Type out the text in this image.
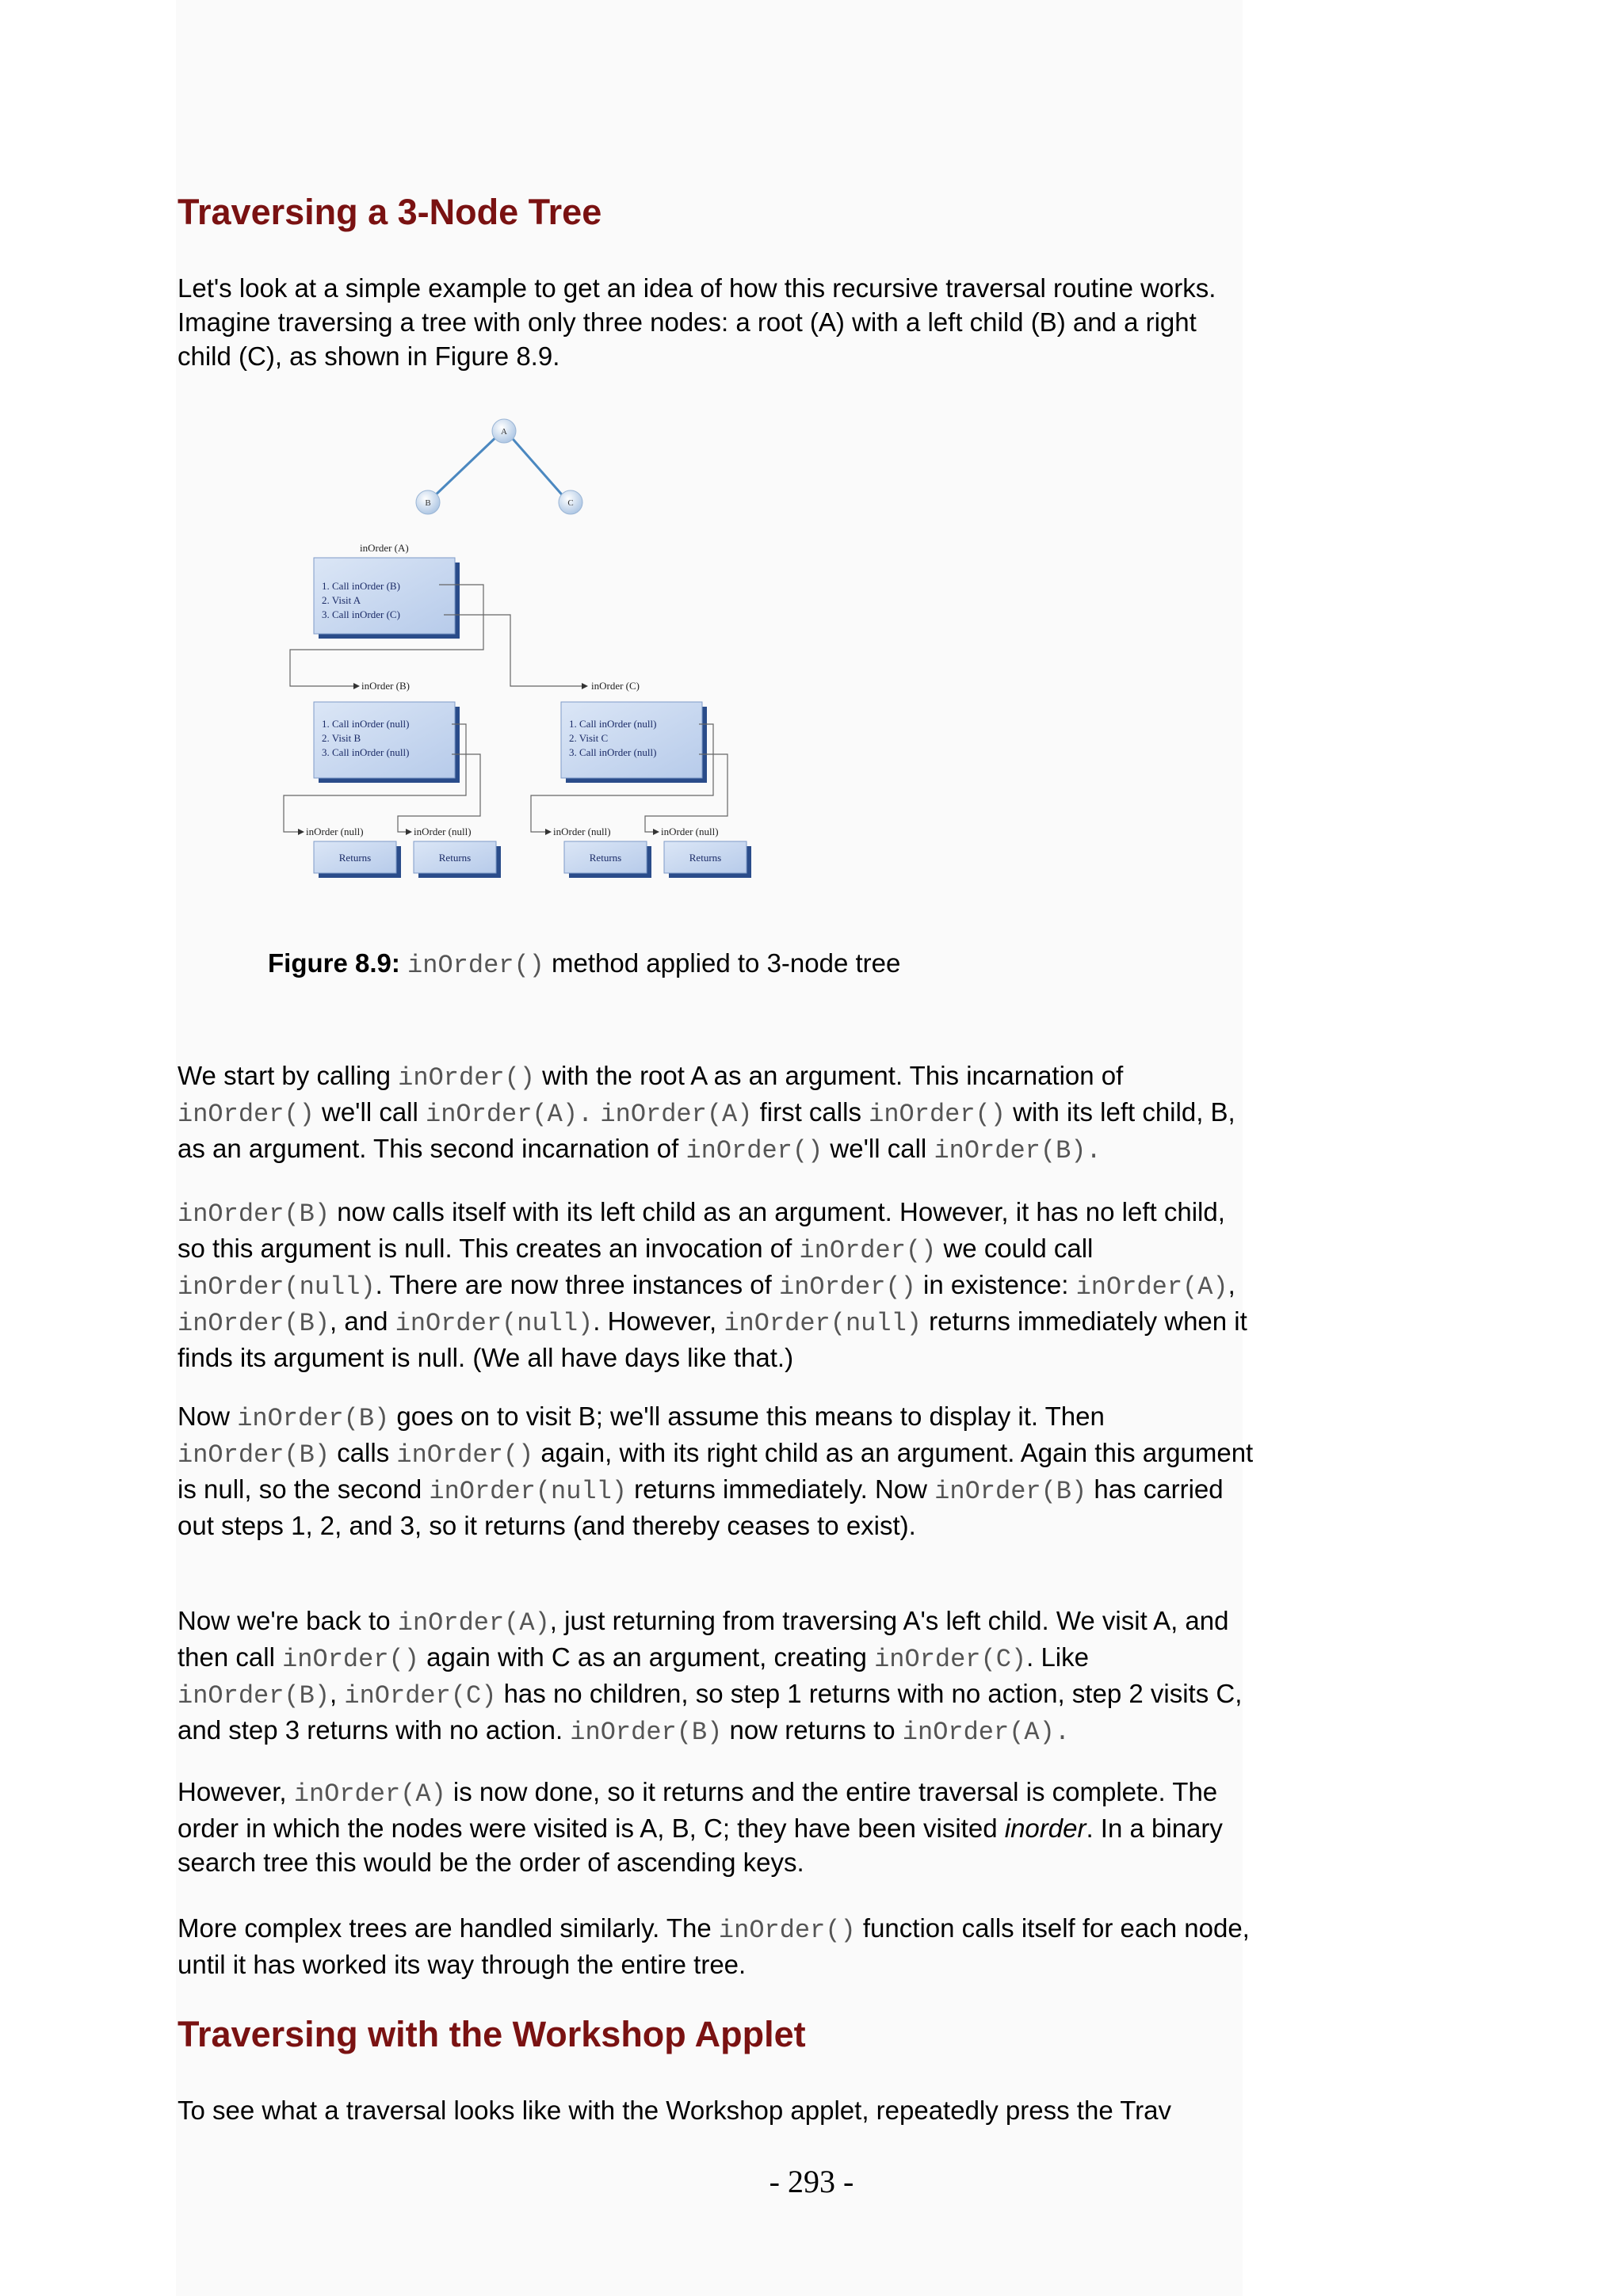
Traversing a 3-Node Tree

Let's look at a simple example to get an idea of how this recursive traversal routine works. Imagine traversing a tree with only three nodes: a root (A) with a left child (B) and a right child (C), as shown in Figure 8.9.

A
B	C
inOrder (A)
1. Call inOrder (B)
2. Visit A
3. Call inOrder (C)
inOrder (B)	inOrder (C)
1. Call inOrder (null)
2. Visit B
3. Call inOrder (null)
1. Call inOrder (null)
2. Visit C
3. Call inOrder (null)
inOrder (null)	inOrder (null)	inOrder (null)	inOrder (null)
Returns	Returns	Returns	Returns
Figure 8.9: inOrder() method applied to 3-node tree

We start by calling inOrder() with the root A as an argument. This incarnation of inOrder() we'll call inOrder(A). inOrder(A) first calls inOrder() with its left child, B, as an argument. This second incarnation of inOrder() we'll call inOrder(B).

inOrder(B) now calls itself with its left child as an argument. However, it has no left child, so this argument is null. This creates an invocation of inOrder() we could call inOrder(null). There are now three instances of inOrder() in existence: inOrder(A), inOrder(B), and inOrder(null). However, inOrder(null) returns immediately when it finds its argument is null. (We all have days like that.)

Now inOrder(B) goes on to visit B; we'll assume this means to display it. Then inOrder(B) calls inOrder() again, with its right child as an argument. Again this argument is null, so the second inOrder(null) returns immediately. Now inOrder(B) has carried out steps 1, 2, and 3, so it returns (and thereby ceases to exist).

Now we're back to inOrder(A), just returning from traversing A's left child. We visit A, and then call inOrder() again with C as an argument, creating inOrder(C). Like inOrder(B), inOrder(C) has no children, so step 1 returns with no action, step 2 visits C, and step 3 returns with no action. inOrder(B) now returns to inOrder(A).

However, inOrder(A) is now done, so it returns and the entire traversal is complete. The order in which the nodes were visited is A, B, C; they have been visited inorder. In a binary search tree this would be the order of ascending keys.

More complex trees are handled similarly. The inOrder() function calls itself for each node, until it has worked its way through the entire tree.

Traversing with the Workshop Applet

To see what a traversal looks like with the Workshop applet, repeatedly press the Trav

- 293 -
